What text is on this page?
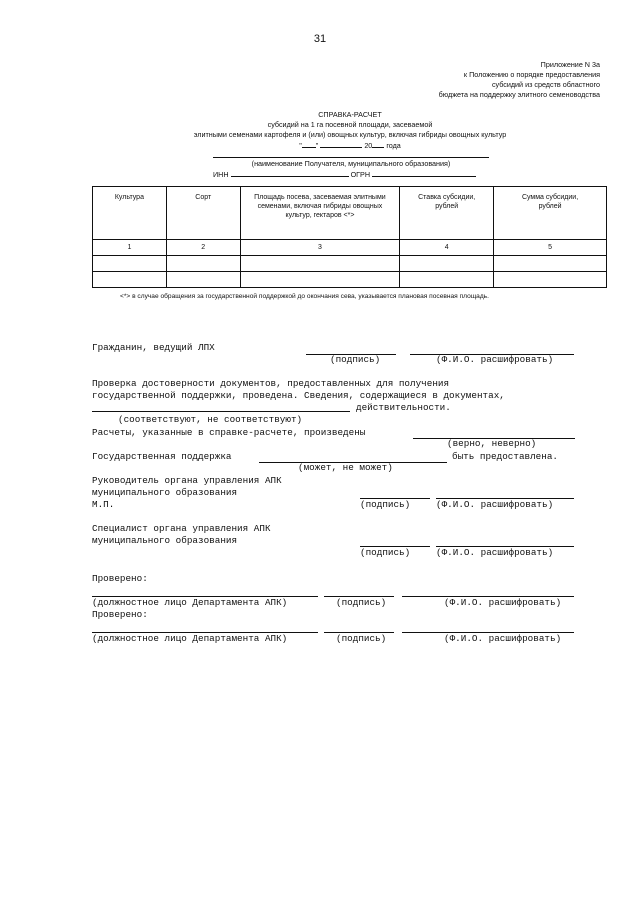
31
Приложение N 3а
к Положению о порядке предоставления
субсидий из средств областного
бюджета на поддержку элитного семеноводства
СПРАВКА-РАСЧЕТ
субсидий на 1 га посевной площади, засеваемой
элитными семенами картофеля и (или) овощных культур, включая гибриды овощных культур
" "	20 года
(наименование Получателя, муниципального образования)
ИНН	ОГРН
Культура	Сорт	Площадь посева, засеваемая элитными семенами, включая гибриды овощных культур, гектаров <*>	Ставка субсидии, рублей	Сумма субсидии, рублей
1	2	3	4	5

<*> в случае обращения за государственной поддержкой до окончания сева, указывается плановая посевная площадь.
Гражданин, ведущий ЛПХ
(подпись)	(Ф.И.О. расшифровать)
Проверка достоверности документов, предоставленных для получения
государственной поддержки, проведена. Сведения, содержащиеся в документах,
действительности.
(соответствуют, не соответствуют)
Расчеты, указанные в справке-расчете, произведены
(верно, неверно)
Государственная поддержка	быть предоставлена.
(может, не может)
Руководитель органа управления АПК
муниципального образования
М.П.	(подпись)	(Ф.И.О. расшифровать)
Специалист органа управления АПК
муниципального образования
(подпись)	(Ф.И.О. расшифровать)
Проверено:
(должностное лицо Департамента АПК)	(подпись)	(Ф.И.О. расшифровать)
Проверено:
(должностное лицо Департамента АПК)	(подпись)	(Ф.И.О. расшифровать)
